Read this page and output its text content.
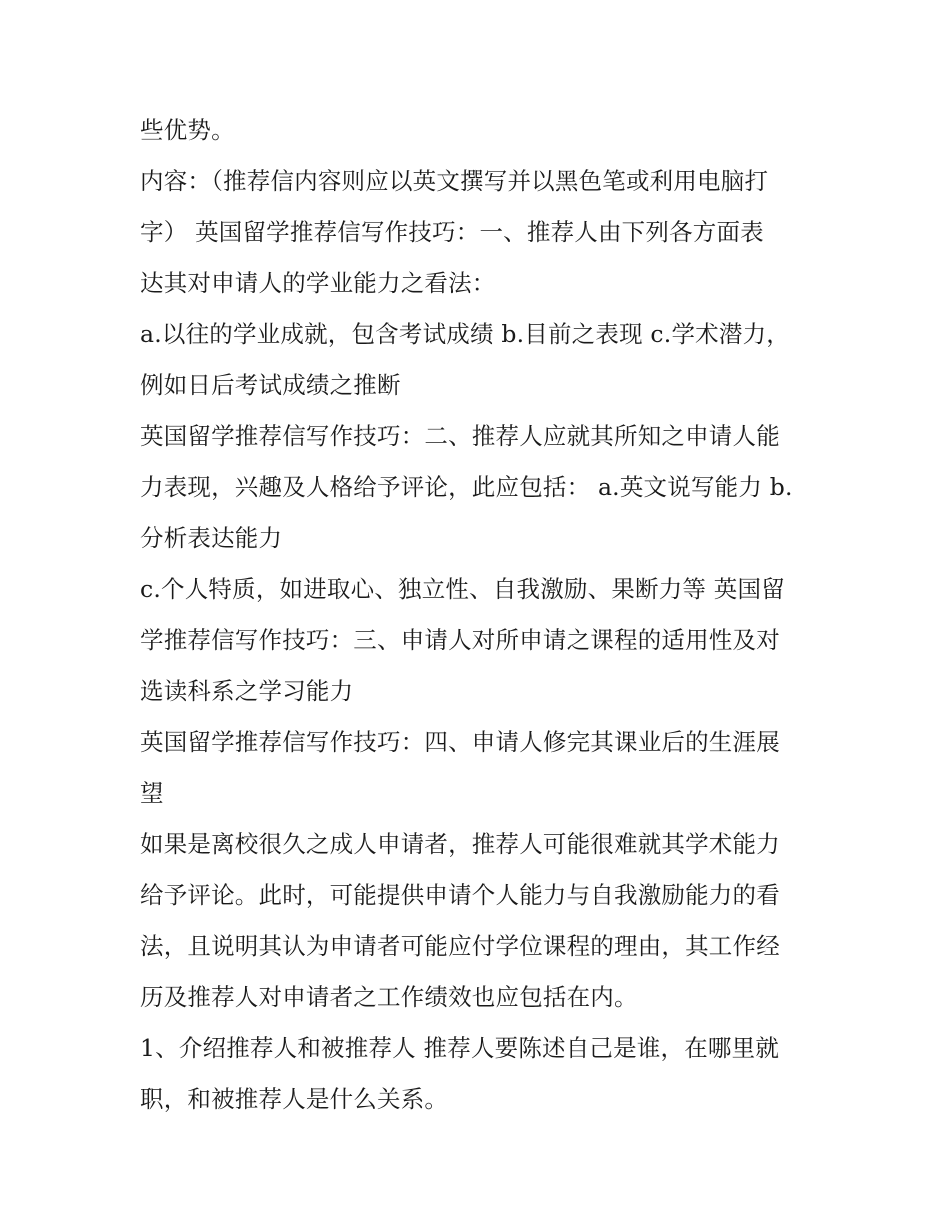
些优势。
内容：（推荐信内容则应以英文撰写并以黑色笔或利用电脑打
字） 英国留学推荐信写作技巧：一、推荐人由下列各方面表
达其对申请人的学业能力之看法：
a.以往的学业成就，包含考试成绩 b.目前之表现 c.学术潜力，
例如日后考试成绩之推断
英国留学推荐信写作技巧：二、推荐人应就其所知之申请人能
力表现，兴趣及人格给予评论，此应包括： a.英文说写能力 b.
分析表达能力
c.个人特质，如进取心、独立性、自我激励、果断力等 英国留
学推荐信写作技巧：三、申请人对所申请之课程的适用性及对
选读科系之学习能力
英国留学推荐信写作技巧：四、申请人修完其课业后的生涯展
望
如果是离校很久之成人申请者，推荐人可能很难就其学术能力
给予评论。此时，可能提供申请个人能力与自我激励能力的看
法，且说明其认为申请者可能应付学位课程的理由，其工作经
历及推荐人对申请者之工作绩效也应包括在内。
1、介绍推荐人和被推荐人 推荐人要陈述自己是谁，在哪里就
职，和被推荐人是什么关系。
